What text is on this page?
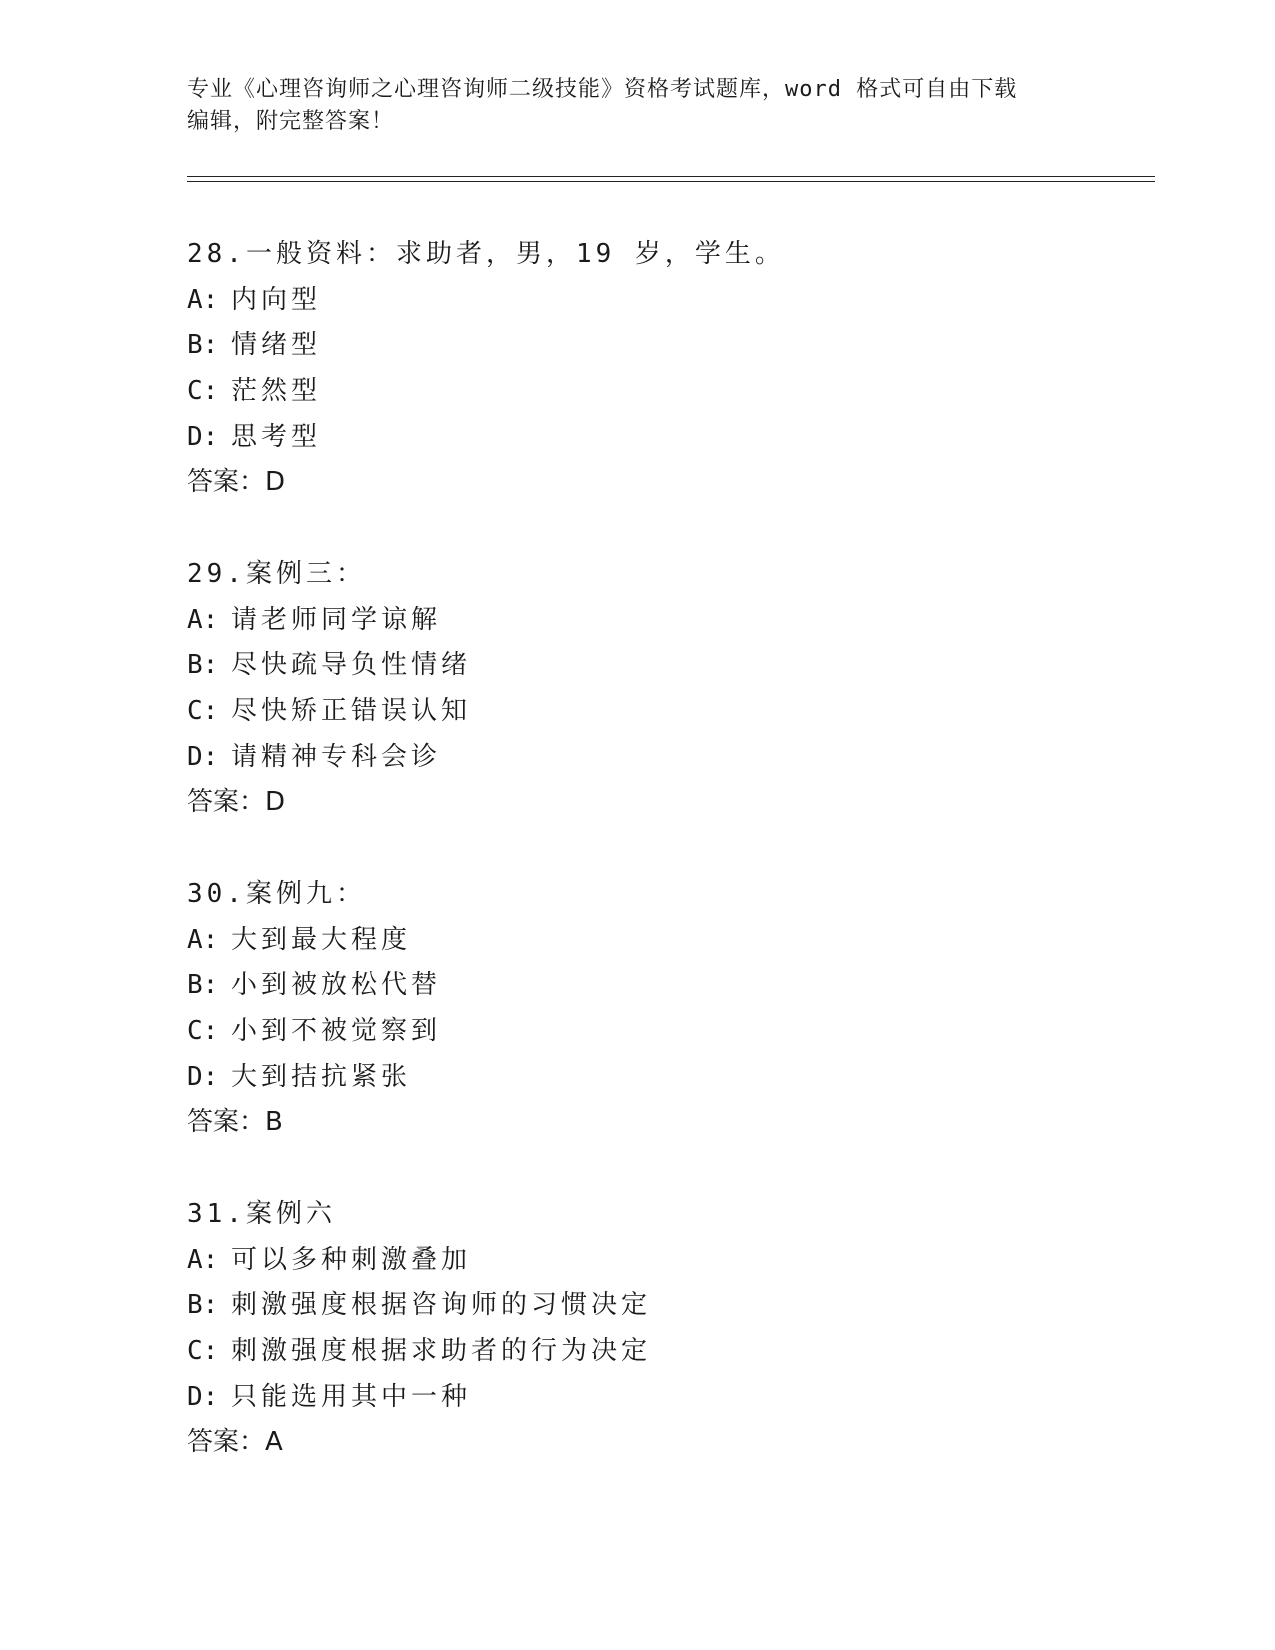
专业《心理咨询师之心理咨询师二级技能》资格考试题库，word 格式可自由下载
编辑，附完整答案！
28.一般资料：求助者，男，19 岁，学生。
A: 内向型
B: 情绪型
C: 茫然型
D: 思考型
答案：D
29.案例三：
A: 请老师同学谅解
B: 尽快疏导负性情绪
C: 尽快矫正错误认知
D: 请精神专科会诊
答案：D
30.案例九：
A: 大到最大程度
B: 小到被放松代替
C: 小到不被觉察到
D: 大到拮抗紧张
答案：B
31.案例六
A: 可以多种刺激叠加
B: 刺激强度根据咨询师的习惯决定
C: 刺激强度根据求助者的行为决定
D: 只能选用其中一种
答案：A
